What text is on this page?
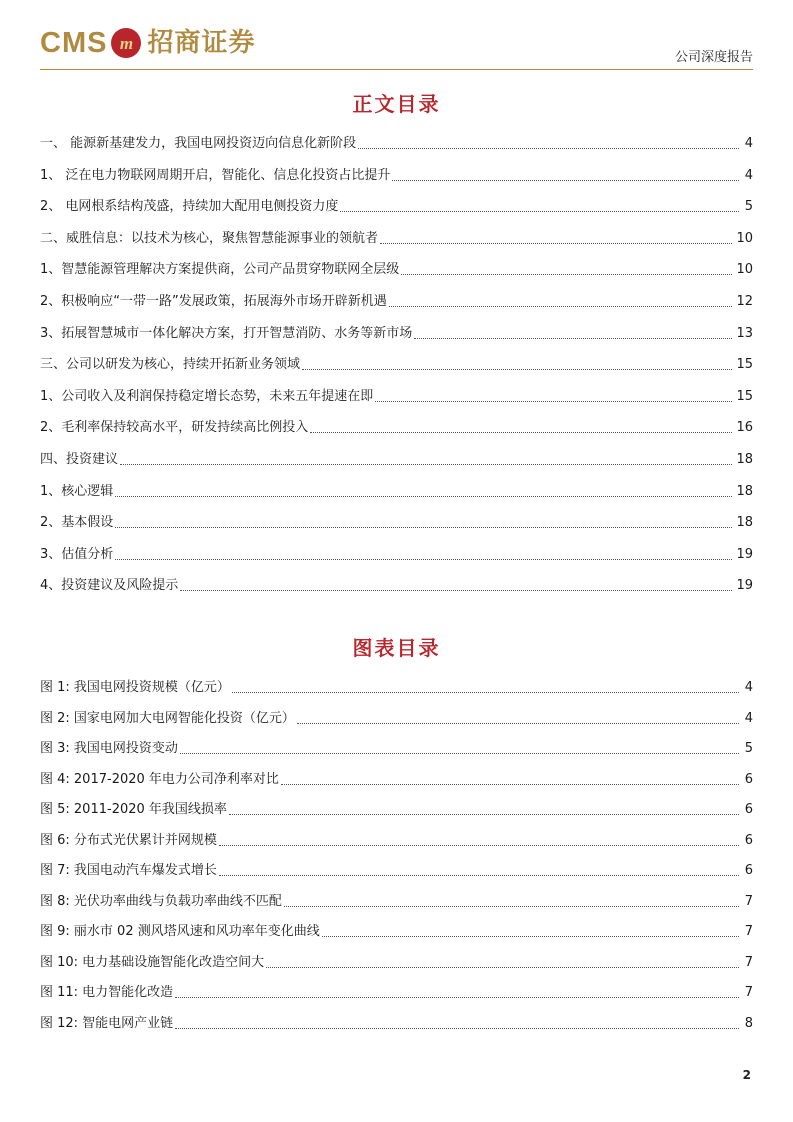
CMS m 招商证券	公司深度报告
正文目录
一、 能源新基建发力，我国电网投资迈向信息化新阶段	4
1、 泛在电力物联网周期开启，智能化、信息化投资占比提升	4
2、 电网根系结构茂盛，持续加大配用电侧投资力度	5
二、威胜信息：以技术为核心，聚焦智慧能源事业的领航者	10
1、智慧能源管理解决方案提供商，公司产品贯穿物联网全层级	10
2、积极响应“一带一路”发展政策，拓展海外市场开辟新机遇	12
3、拓展智慧城市一体化解决方案，打开智慧消防、水务等新市场	13
三、公司以研发为核心，持续开拓新业务领域	15
1、公司收入及利润保持稳定增长态势，未来五年提速在即	15
2、毛利率保持较高水平，研发持续高比例投入	16
四、投资建议	18
1、核心逻辑	18
2、基本假设	18
3、估值分析	19
4、投资建议及风险提示	19
图表目录
图 1: 我国电网投资规模（亿元）	4
图 2: 国家电网加大电网智能化投资（亿元）	4
图 3: 我国电网投资变动	5
图 4: 2017-2020 年电力公司净利率对比	6
图 5: 2011-2020 年我国线损率	6
图 6: 分布式光伏累计并网规模	6
图 7: 我国电动汽车爆发式增长	6
图 8: 光伏功率曲线与负载功率曲线不匹配	7
图 9: 丽水市 02 测风塔风速和风功率年变化曲线	7
图 10: 电力基础设施智能化改造空间大	7
图 11: 电力智能化改造	7
图 12: 智能电网产业链	8
2
